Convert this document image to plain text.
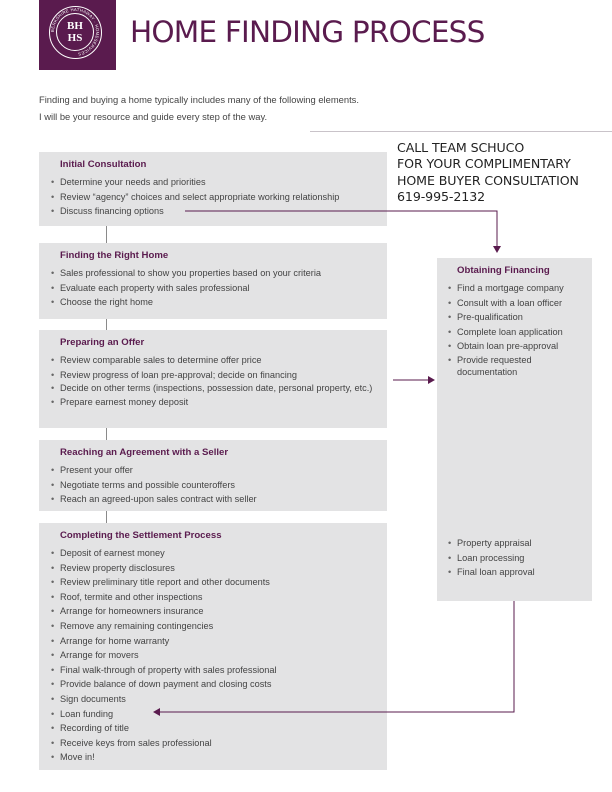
BERKSHIRE HATHAWAY · HOMESERVICES
BH
HS	HOME FINDING PROCESS
Finding and buying a home typically includes many of the following elements.
I will be your resource and guide every step of the way.
CALL TEAM SCHUCO
FOR YOUR COMPLIMENTARY
HOME BUYER CONSULTATION
619-995-2132
Initial Consultation
• Determine your needs and priorities
• Review “agency” choices and select appropriate working relationship
• Discuss financing options
Finding the Right Home
• Sales professional to show you properties based on your criteria
• Evaluate each property with sales professional
• Choose the right home
Preparing an Offer
• Review comparable sales to determine offer price
• Review progress of loan pre-approval; decide on financing
• Decide on other terms (inspections, possession date, personal property, etc.)
• Prepare earnest money deposit
Reaching an Agreement with a Seller
• Present your offer
• Negotiate terms and possible counteroffers
• Reach an agreed-upon sales contract with seller
Completing the Settlement Process
• Deposit of earnest money
• Review property disclosures
• Review preliminary title report and other documents
• Roof, termite and other inspections
• Arrange for homeowners insurance
• Remove any remaining contingencies
• Arrange for home warranty
• Arrange for movers
• Final walk-through of property with sales professional
• Provide balance of down payment and closing costs
• Sign documents
• Loan funding
• Recording of title
• Receive keys from sales professional
• Move in!
Obtaining Financing
• Find a mortgage company
• Consult with a loan officer
• Pre-qualification
• Complete loan application
• Obtain loan pre-approval
• Provide requested documentation
• Property appraisal
• Loan processing
• Final loan approval
